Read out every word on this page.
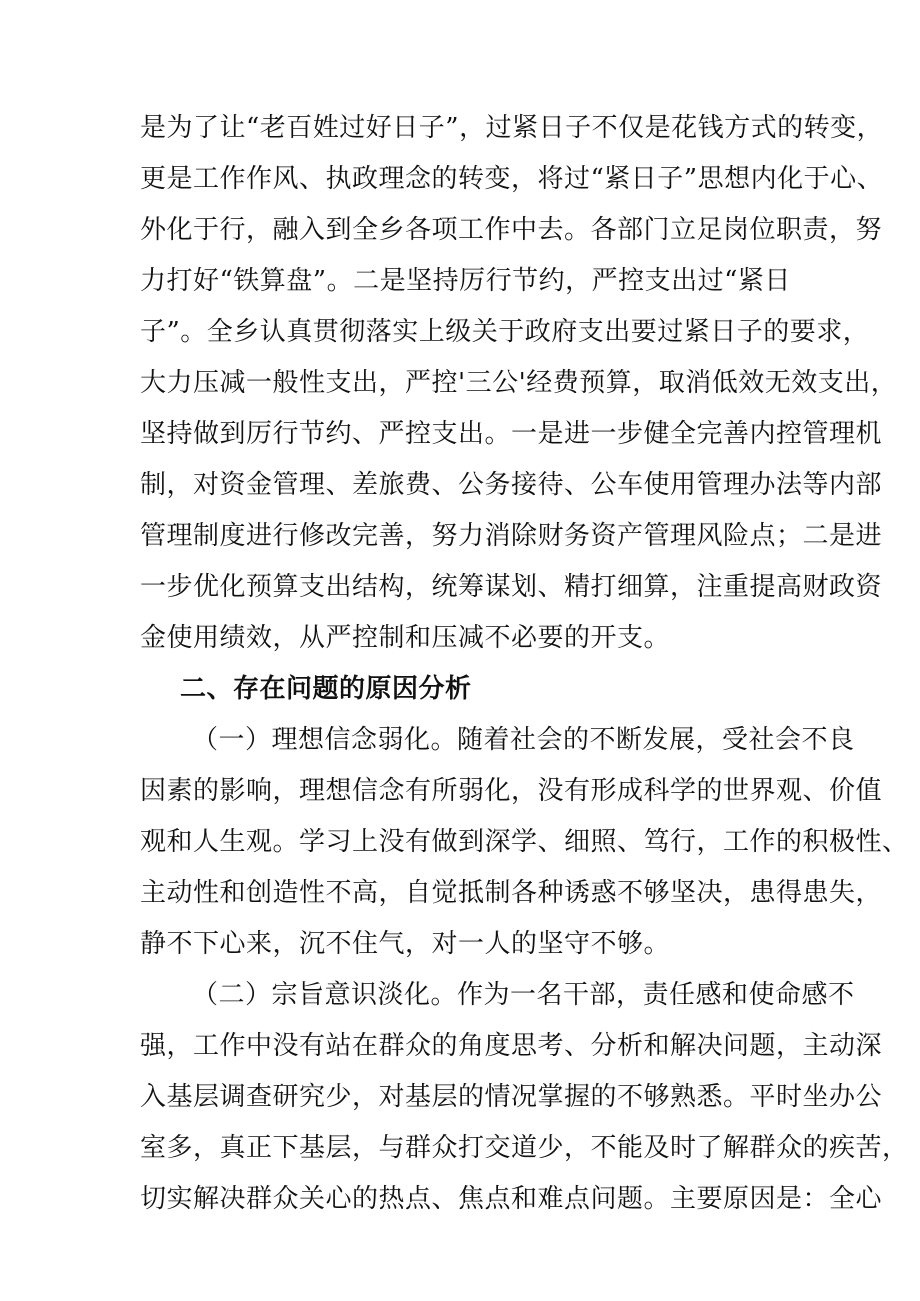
是为了让“老百姓过好日子”，过紧日子不仅是花钱方式的转变，
更是工作作风、执政理念的转变，将过“紧日子”思想内化于心、
外化于行，融入到全乡各项工作中去。各部门立足岗位职责，努
力打好“铁算盘”。二是坚持厉行节约，严控支出过“紧日
子”。全乡认真贯彻落实上级关于政府支出要过紧日子的要求，
大力压减一般性支出，严控'三公'经费预算，取消低效无效支出，
坚持做到厉行节约、严控支出。一是进一步健全完善内控管理机
制，对资金管理、差旅费、公务接待、公车使用管理办法等内部
管理制度进行修改完善，努力消除财务资产管理风险点；二是进
一步优化预算支出结构，统筹谋划、精打细算，注重提高财政资
金使用绩效，从严控制和压减不必要的开支。
二、存在问题的原因分析
（一）理想信念弱化。随着社会的不断发展，受社会不良
因素的影响，理想信念有所弱化，没有形成科学的世界观、价值
观和人生观。学习上没有做到深学、细照、笃行，工作的积极性、
主动性和创造性不高，自觉抵制各种诱惑不够坚决，患得患失，
静不下心来，沉不住气，对一人的坚守不够。
（二）宗旨意识淡化。作为一名干部，责任感和使命感不
强，工作中没有站在群众的角度思考、分析和解决问题，主动深
入基层调查研究少，对基层的情况掌握的不够熟悉。平时坐办公
室多，真正下基层，与群众打交道少，不能及时了解群众的疾苦，
切实解决群众关心的热点、焦点和难点问题。主要原因是：全心
